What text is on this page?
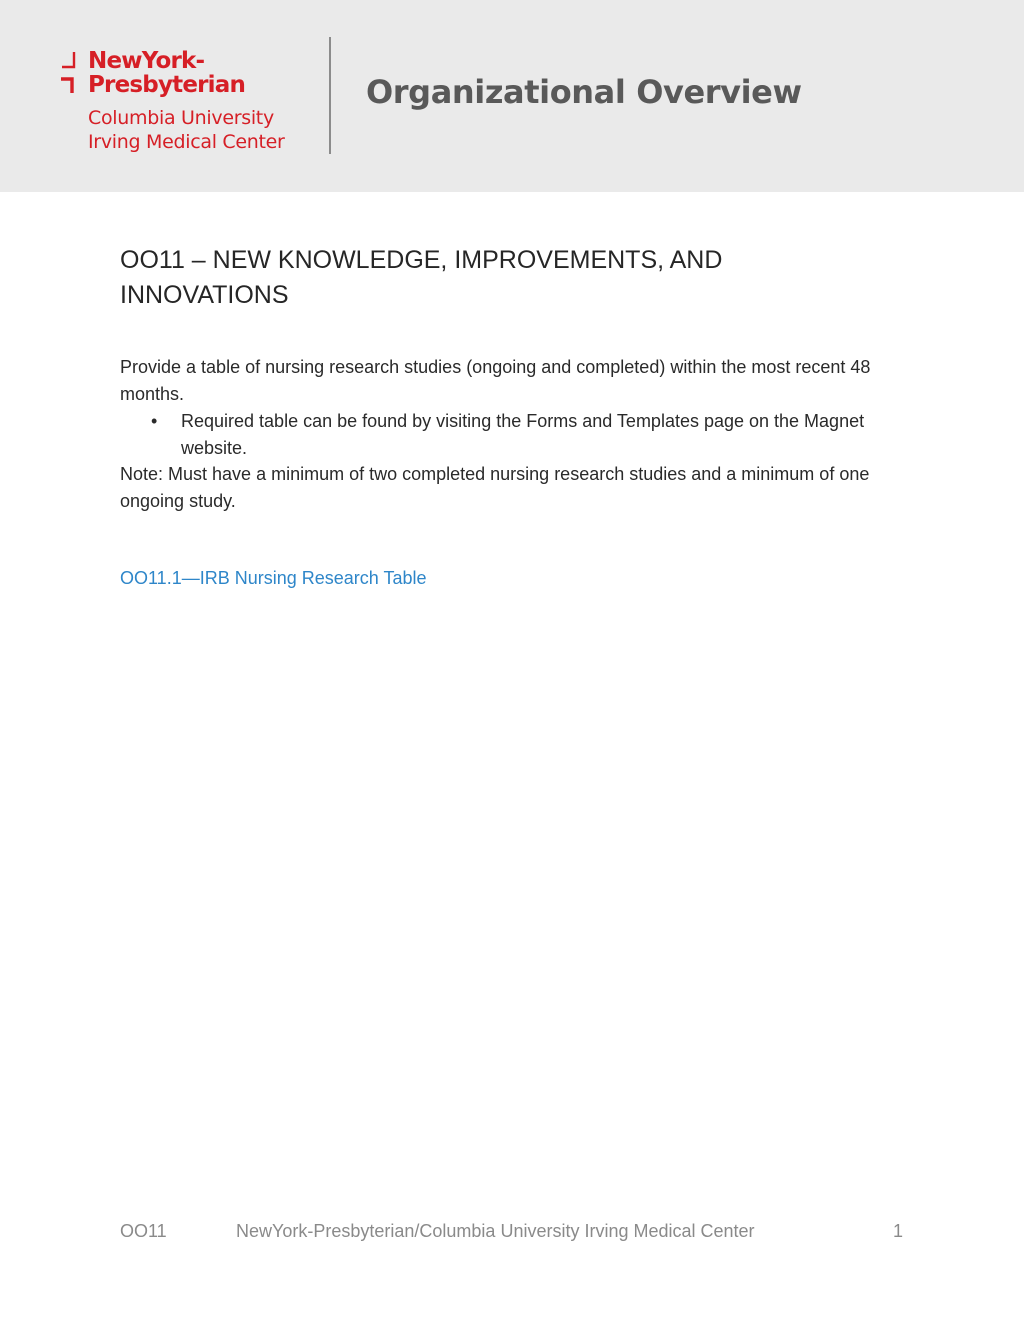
NewYork-
Presbyterian
Columbia University
Irving Medical Center
Organizational Overview
OO11 – NEW KNOWLEDGE, IMPROVEMENTS, AND INNOVATIONS

Provide a table of nursing research studies (ongoing and completed) within the most recent 48 months.

• Required table can be found by visiting the Forms and Templates page on the Magnet website.

Note: Must have a minimum of two completed nursing research studies and a minimum of one ongoing study.

OO11.1—IRB Nursing Research Table
OO11	NewYork-Presbyterian/Columbia University Irving Medical Center	1
